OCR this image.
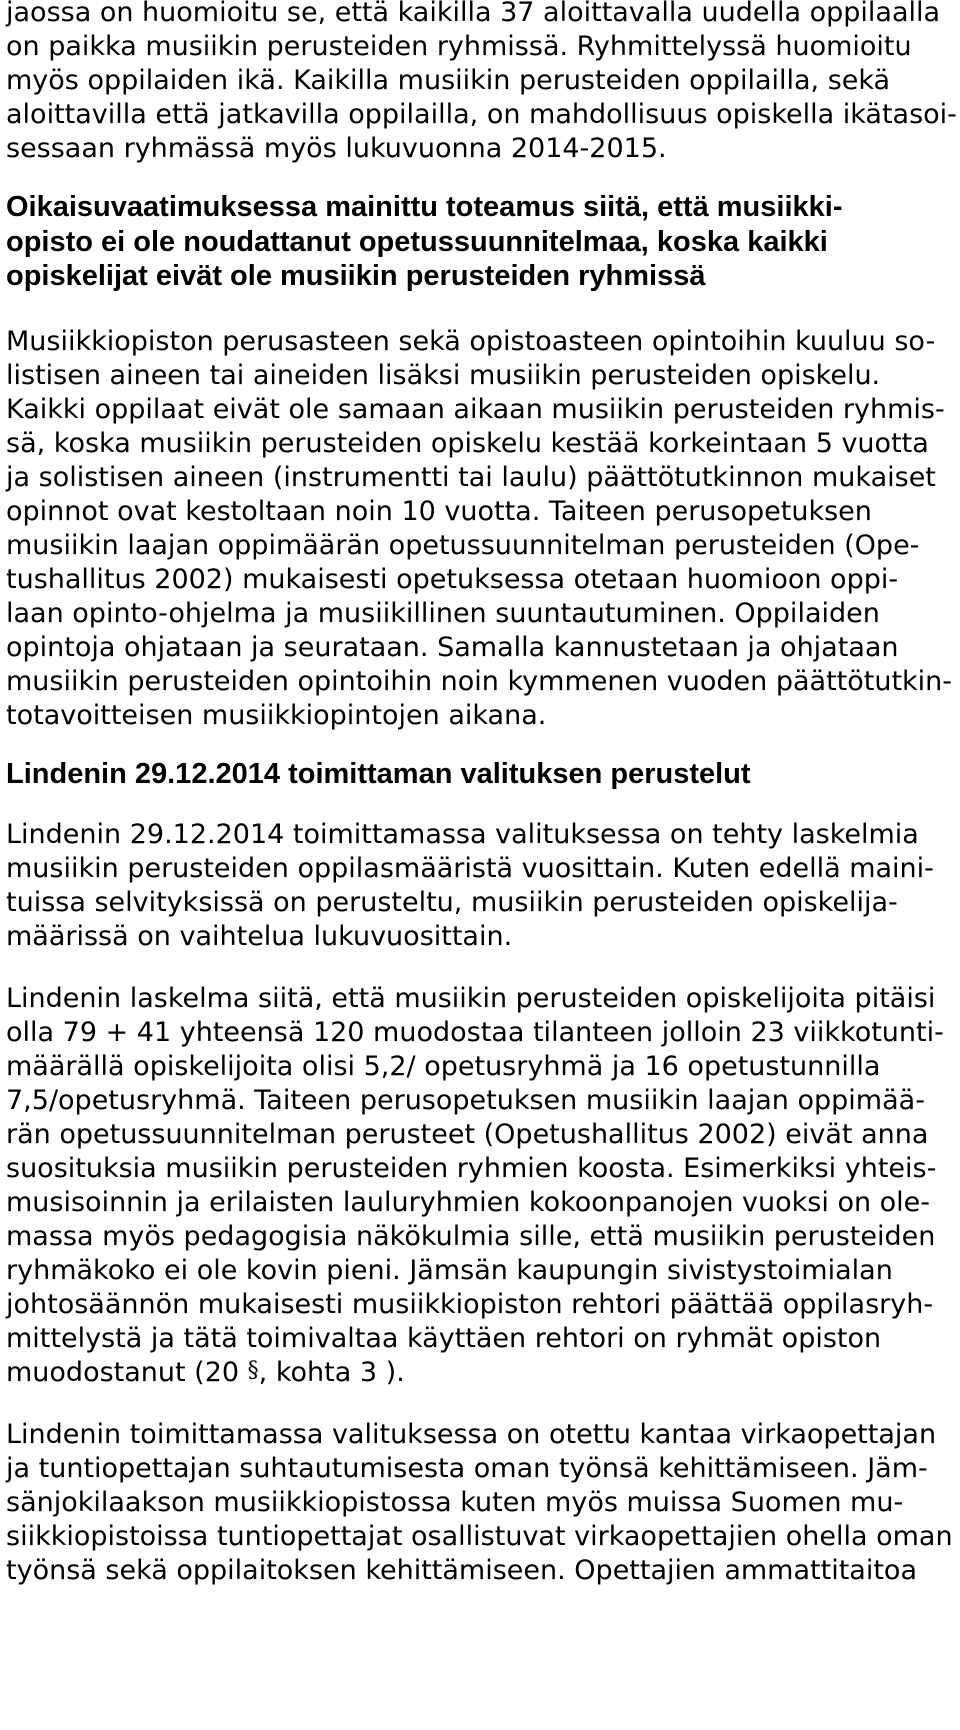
jaossa on huomioitu se, että kaikilla 37 aloittavalla uudella oppilaalla
on paikka musiikin perusteiden ryhmissä. Ryhmittelyssä huomioitu
myös oppilaiden ikä. Kaikilla musiikin perusteiden oppilailla, sekä
aloittavilla että jatkavilla oppilailla, on mahdollisuus opiskella ikätasoi-
sessaan ryhmässä myös lukuvuonna 2014-2015.
Oikaisuvaatimuksessa mainittu toteamus siitä, että musiikki-
opisto ei ole noudattanut opetussuunnitelmaa, koska kaikki
opiskelijat eivät ole musiikin perusteiden ryhmissä
Musiikkiopiston perusasteen sekä opistoasteen opintoihin kuuluu so-
listisen aineen tai aineiden lisäksi musiikin perusteiden opiskelu.
Kaikki oppilaat eivät ole samaan aikaan musiikin perusteiden ryhmis-
sä, koska musiikin perusteiden opiskelu kestää korkeintaan 5 vuotta
ja solistisen aineen (instrumentti tai laulu) päättötutkinnon mukaiset
opinnot ovat kestoltaan noin 10 vuotta. Taiteen perusopetuksen
musiikin laajan oppimäärän opetussuunnitelman perusteiden (Ope-
tushallitus 2002) mukaisesti opetuksessa otetaan huomioon oppi-
laan opinto-ohjelma ja musiikillinen suuntautuminen. Oppilaiden
opintoja ohjataan ja seurataan. Samalla kannustetaan ja ohjataan
musiikin perusteiden opintoihin noin kymmenen vuoden päättötutkin-
totavoitteisen musiikkiopintojen aikana.
Lindenin 29.12.2014 toimittaman valituksen perustelut
Lindenin 29.12.2014 toimittamassa valituksessa on tehty laskelmia
musiikin perusteiden oppilasmääristä vuosittain. Kuten edellä maini-
tuissa selvityksissä on perusteltu, musiikin perusteiden opiskelija-
määrissä on vaihtelua lukuvuosittain.
Lindenin laskelma siitä, että musiikin perusteiden opiskelijoita pitäisi
olla 79 + 41 yhteensä 120 muodostaa tilanteen jolloin 23 viikkotunti-
määrällä opiskelijoita olisi 5,2/ opetusryhmä ja 16 opetustunnilla
7,5/opetusryhmä. Taiteen perusopetuksen musiikin laajan oppimää-
rän opetussuunnitelman perusteet (Opetushallitus 2002) eivät anna
suosituksia musiikin perusteiden ryhmien koosta. Esimerkiksi yhteis-
musisoinnin ja erilaisten lauluryhmien kokoonpanojen vuoksi on ole-
massa myös pedagogisia näkökulmia sille, että musiikin perusteiden
ryhmäkoko ei ole kovin pieni. Jämsän kaupungin sivistystoimialan
johtosäännön mukaisesti musiikkiopiston rehtori päättää oppilasryh-
mittelystä ja tätä toimivaltaa käyttäen rehtori on ryhmät opiston
muodostanut (20 §, kohta 3 ).
Lindenin toimittamassa valituksessa on otettu kantaa virkaopettajan
ja tuntiopettajan suhtautumisesta oman työnsä kehittämiseen. Jäm-
sänjokilaakson musiikkiopistossa kuten myös muissa Suomen mu-
siikkiopistoissa tuntiopettajat osallistuvat virkaopettajien ohella oman
työnsä sekä oppilaitoksen kehittämiseen. Opettajien ammattitaitoa
